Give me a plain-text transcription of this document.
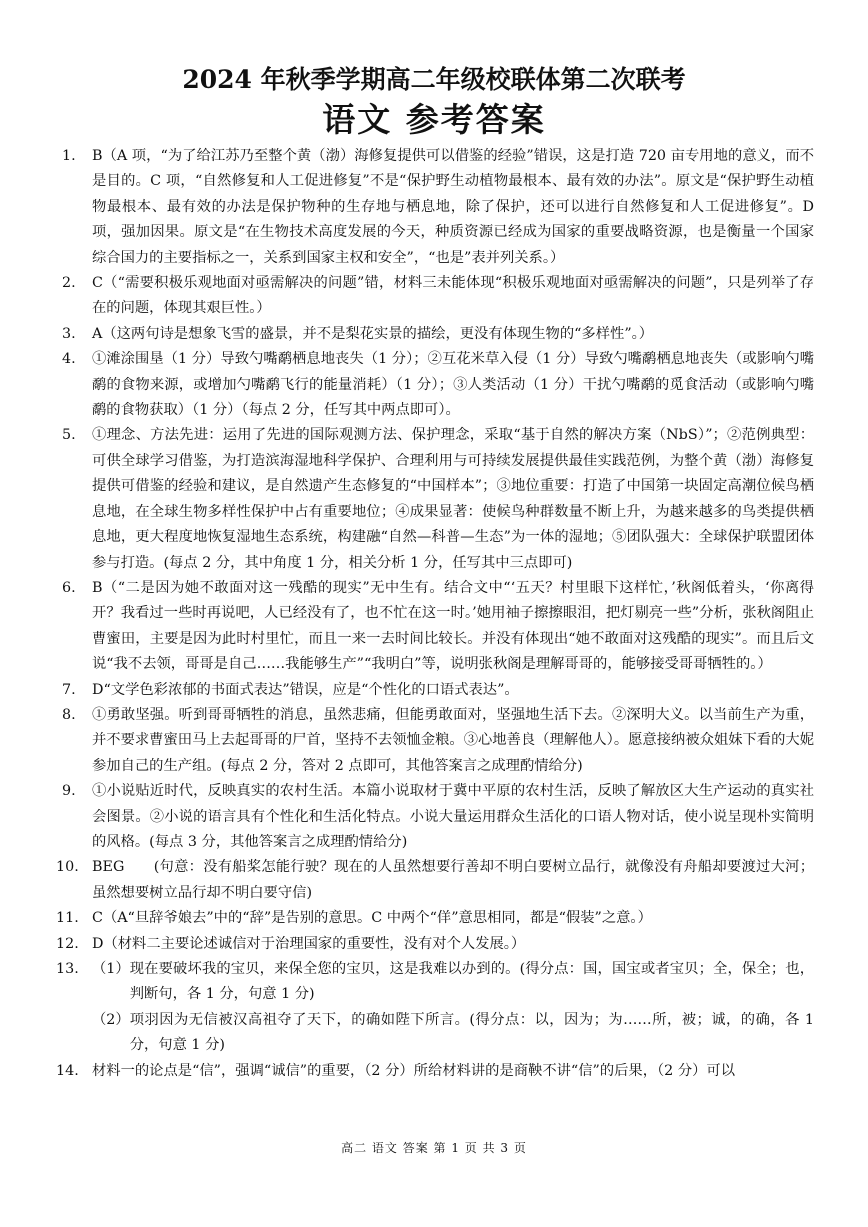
2024 年秋季学期高二年级校联体第二次联考
语文 参考答案
1.	B（A 项，“为了给江苏乃至整个黄（渤）海修复提供可以借鉴的经验”错误，这是打造 720 亩专用地的意义，而不是目的。C 项，“自然修复和人工促进修复”不是“保护野生动植物最根本、最有效的办法”。原文是“保护野生动植物最根本、最有效的办法是保护物种的生存地与栖息地，除了保护，还可以进行自然修复和人工促进修复”。D 项，强加因果。原文是“在生物技术高度发展的今天，种质资源已经成为国家的重要战略资源，也是衡量一个国家综合国力的主要指标之一，关系到国家主权和安全”，“也是”表并列关系。）
2.	C（“需要积极乐观地面对亟需解决的问题”错，材料三未能体现“积极乐观地面对亟需解决的问题”，只是列举了存在的问题，体现其艰巨性。）
3.	A（这两句诗是想象飞雪的盛景，并不是梨花实景的描绘，更没有体现生物的“多样性”。）
4.	①滩涂围垦（1 分）导致勺嘴鹬栖息地丧失（1 分）；②互花米草入侵（1 分）导致勺嘴鹬栖息地丧失（或影响勺嘴鹬的食物来源，或增加勺嘴鹬飞行的能量消耗）（1 分）；③人类活动（1 分）干扰勺嘴鹬的觅食活动（或影响勺嘴鹬的食物获取）（1 分）（每点 2 分，任写其中两点即可）。
5.	①理念、方法先进：运用了先进的国际观测方法、保护理念，采取“基于自然的解决方案（NbS）”；②范例典型：可供全球学习借鉴，为打造滨海湿地科学保护、合理利用与可持续发展提供最佳实践范例，为整个黄（渤）海修复提供可借鉴的经验和建议，是自然遗产生态修复的“中国样本”；③地位重要：打造了中国第一块固定高潮位候鸟栖息地，在全球生物多样性保护中占有重要地位；④成果显著：使候鸟种群数量不断上升，为越来越多的鸟类提供栖息地，更大程度地恢复湿地生态系统，构建融“自然—科普—生态”为一体的湿地；⑤团队强大：全球保护联盟团体参与打造。(每点 2 分，其中角度 1 分，相关分析 1 分，任写其中三点即可)
6.	B（“二是因为她不敢面对这一残酷的现实”无中生有。结合文中“‘五天？村里眼下这样忙，’秋阁低着头，‘你离得开？我看过一些时再说吧，人已经没有了，也不忙在这一时。’她用袖子擦擦眼泪，把灯剔亮一些”分析，张秋阁阻止曹蜜田，主要是因为此时村里忙，而且一来一去时间比较长。并没有体现出“她不敢面对这残酷的现实”。而且后文说“我不去领，哥哥是自己……我能够生产”“我明白”等，说明张秋阁是理解哥哥的，能够接受哥哥牺牲的。）
7.	D“文学色彩浓郁的书面式表达”错误，应是“个性化的口语式表达”。
8.	①勇敢坚强。听到哥哥牺牲的消息，虽然悲痛，但能勇敢面对，坚强地生活下去。②深明大义。以当前生产为重，并不要求曹蜜田马上去起哥哥的尸首，坚持不去领恤金粮。③心地善良（理解他人）。愿意接纳被众姐妹下看的大妮参加自己的生产组。(每点 2 分，答对 2 点即可，其他答案言之成理酌情给分)
9.	①小说贴近时代，反映真实的农村生活。本篇小说取材于冀中平原的农村生活，反映了解放区大生产运动的真实社会图景。②小说的语言具有个性化和生活化特点。小说大量运用群众生活化的口语人物对话，使小说呈现朴实简明的风格。(每点 3 分，其他答案言之成理酌情给分)
10. BEG　　(句意：没有船桨怎能行驶？现在的人虽然想要行善却不明白要树立品行，就像没有舟船却要渡过大河；虽然想要树立品行却不明白要守信)
11. C（A“旦辞爷娘去”中的“辞”是告别的意思。C 中两个“佯”意思相同，都是“假装”之意。）
12. D（材料二主要论述诚信对于治理国家的重要性，没有对个人发展。）
13. （1） 现在要破坏我的宝贝，来保全您的宝贝，这是我难以办到的。(得分点：国，国宝或者宝贝；全，保全；也，判断句，各 1 分，句意 1 分)
（2） 项羽因为无信被汉高祖夺了天下，的确如陛下所言。(得分点：以，因为；为……所，被；诚，的确，各 1 分，句意 1 分)
14. 材料一的论点是“信”，强调“诚信”的重要，（2 分）所给材料讲的是商鞅不讲“信”的后果，（2 分）可以
高二 语文 答案 第 1 页 共 3 页
